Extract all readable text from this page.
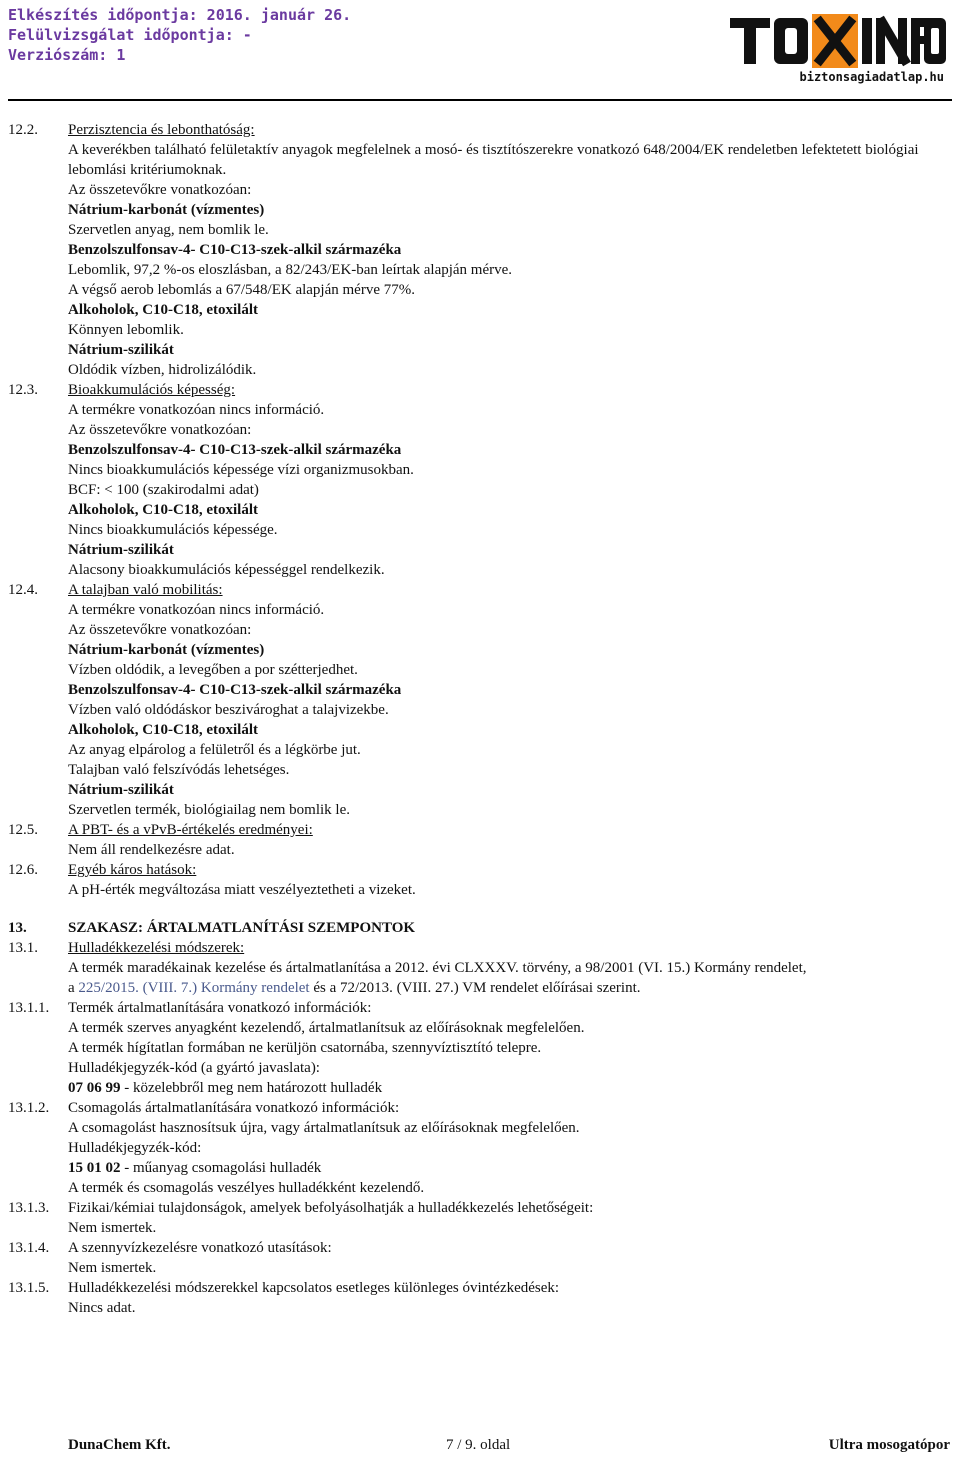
Elkészítés időpontja: 2016. január 26.
Felülvizsgálat időpontja: -
Verziószám: 1
biztonsagiadatlap.hu
12.2.	Perzisztencia és lebonthatóság:
A keverékben található felületaktív anyagok megfelelnek a mosó- és tisztítószerekre vonatkozó 648/2004/EK rendeletben lefektetett biológiai lebomlási kritériumoknak.
Az összetevőkre vonatkozóan:
Nátrium-karbonát (vízmentes)
Szervetlen anyag, nem bomlik le.
Benzolszulfonsav-4- C10-C13-szek-alkil származéka
Lebomlik, 97,2 %-os eloszlásban, a 82/243/EK-ban leírtak alapján mérve.
A végső aerob lebomlás a 67/548/EK alapján mérve 77%.
Alkoholok, C10-C18, etoxilált
Könnyen lebomlik.
Nátrium-szilikát
Oldódik vízben, hidrolizálódik.
12.3.	Bioakkumulációs képesség:
A termékre vonatkozóan nincs információ.
Az összetevőkre vonatkozóan:
Benzolszulfonsav-4- C10-C13-szek-alkil származéka
Nincs bioakkumulációs képessége vízi organizmusokban.
BCF: < 100 (szakirodalmi adat)
Alkoholok, C10-C18, etoxilált
Nincs bioakkumulációs képessége.
Nátrium-szilikát
Alacsony bioakkumulációs képességgel rendelkezik.
12.4.	A talajban való mobilitás:
A termékre vonatkozóan nincs információ.
Az összetevőkre vonatkozóan:
Nátrium-karbonát (vízmentes)
Vízben oldódik, a levegőben a por szétterjedhet.
Benzolszulfonsav-4- C10-C13-szek-alkil származéka
Vízben való oldódáskor beszivároghat a talajvizekbe.
Alkoholok, C10-C18, etoxilált
Az anyag elpárolog a felületről és a légkörbe jut.
Talajban való felszívódás lehetséges.
Nátrium-szilikát
Szervetlen termék, biológiailag nem bomlik le.
12.5.	A PBT- és a vPvB-értékelés eredményei:
Nem áll rendelkezésre adat.
12.6.	Egyéb káros hatások:
A pH-érték megváltozása miatt veszélyeztetheti a vizeket.
13.	SZAKASZ: ÁRTALMATLANÍTÁSI SZEMPONTOK
13.1.	Hulladékkezelési módszerek:
A termék maradékainak kezelése és ártalmatlanítása a 2012. évi CLXXXV. törvény, a 98/2001 (VI. 15.) Kormány rendelet,
a 225/2015. (VIII. 7.) Kormány rendelet és a 72/2013. (VIII. 27.) VM rendelet előírásai szerint.
13.1.1.	Termék ártalmatlanítására vonatkozó információk:
A termék szerves anyagként kezelendő, ártalmatlanítsuk az előírásoknak megfelelően.
A termék hígítatlan formában ne kerüljön csatornába, szennyvíztisztító telepre.
Hulladékjegyzék-kód (a gyártó javaslata):
07 06 99 - közelebbről meg nem határozott hulladék
13.1.2.	Csomagolás ártalmatlanítására vonatkozó információk:
A csomagolást hasznosítsuk újra, vagy ártalmatlanítsuk az előírásoknak megfelelően.
Hulladékjegyzék-kód:
15 01 02 - műanyag csomagolási hulladék
A termék és csomagolás veszélyes hulladékként kezelendő.
13.1.3.	Fizikai/kémiai tulajdonságok, amelyek befolyásolhatják a hulladékkezelés lehetőségeit:
Nem ismertek.
13.1.4.	A szennyvízkezelésre vonatkozó utasítások:
Nem ismertek.
13.1.5.	Hulladékkezelési módszerekkel kapcsolatos esetleges különleges óvintézkedések:
Nincs adat.
DunaChem Kft.	7 / 9. oldal	Ultra mosogatópor
